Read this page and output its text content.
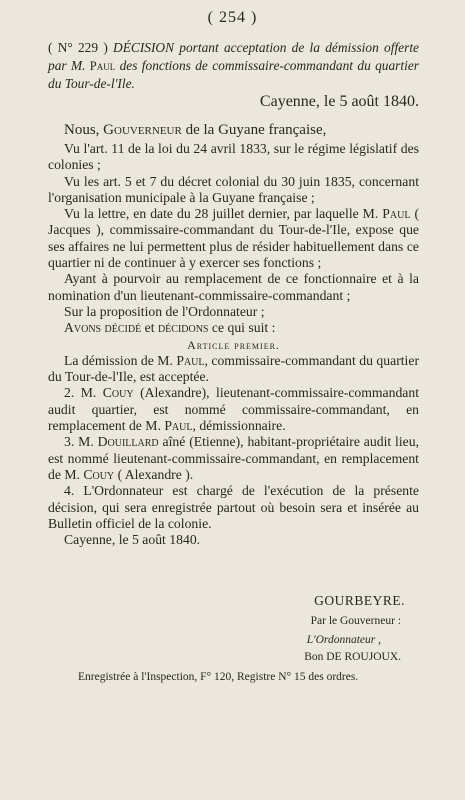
( 254 )
( N° 229 ) DÉCISION portant acceptation de la démission offerte par M. Paul des fonctions de commissaire-commandant du quartier du Tour-de-l'Ile.
Cayenne, le 5 août 1840.

Nous, Gouverneur de la Guyane française,

Vu l'art. 11 de la loi du 24 avril 1833, sur le régime législatif des colonies ;

Vu les art. 5 et 7 du décret colonial du 30 juin 1835, concernant l'organisation municipale à la Guyane française ;

Vu la lettre, en date du 28 juillet dernier, par laquelle M. Paul ( Jacques ), commissaire-commandant du Tour-de-l'Ile, expose que ses affaires ne lui permettent plus de résider habituellement dans ce quartier ni de continuer à y exercer ses fonctions ;

Ayant à pourvoir au remplacement de ce fonctionnaire et à la nomination d'un lieutenant-commissaire-commandant ;

Sur la proposition de l'Ordonnateur ;

Avons décidé et décidons ce qui suit :

Article premier.

La démission de M. Paul, commissaire-commandant du quartier du Tour-de-l'Ile, est acceptée.

2. M. Couy (Alexandre), lieutenant-commissaire-commandant audit quartier, est nommé commissaire-commandant, en remplacement de M. Paul, démissionnaire.

3. M. Douillard aîné (Etienne), habitant-propriétaire audit lieu, est nommé lieutenant-commissaire-commandant, en remplacement de M. Couy ( Alexandre ).

4. L'Ordonnateur est chargé de l'exécution de la présente décision, qui sera enregistrée partout où besoin sera et insérée au Bulletin officiel de la colonie.

Cayenne, le 5 août 1840.

GOURBEYRE.
Par le Gouverneur :
L'Ordonnateur ,
Bon DE ROUJOUX.
Enregistrée à l'Inspection, F° 120, Registre N° 15 des ordres.
